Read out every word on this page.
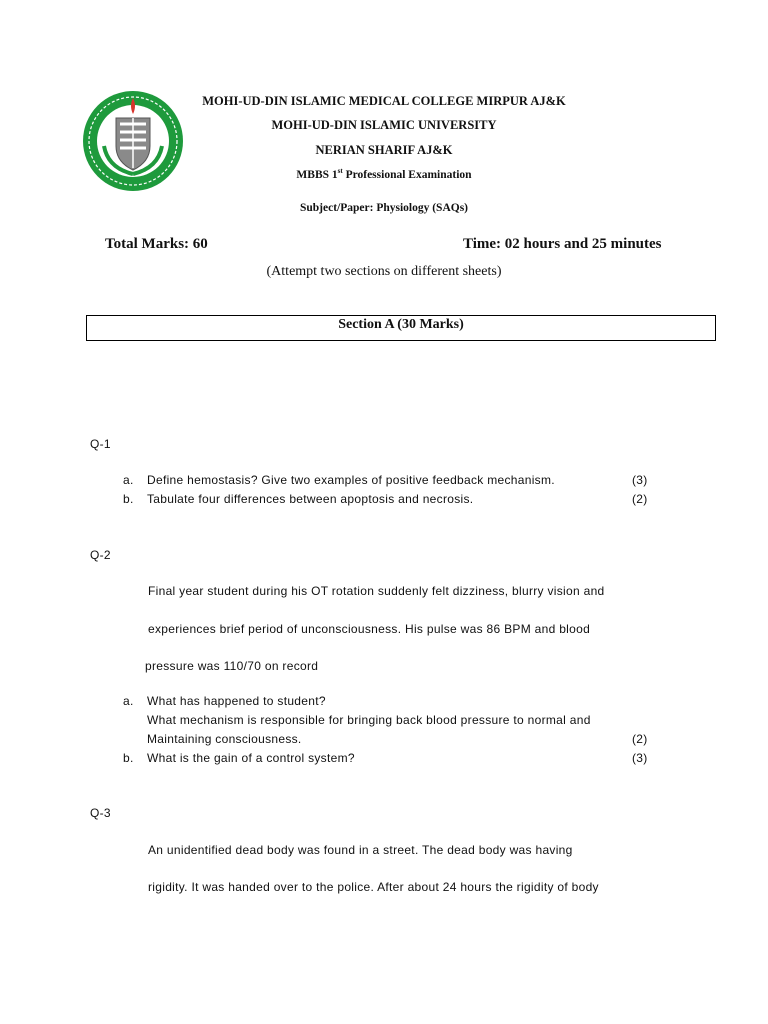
MOHI-UD-DIN ISLAMIC MEDICAL COLLEGE MIRPUR AJ&K
MOHI-UD-DIN ISLAMIC UNIVERSITY
NERIAN SHARIF AJ&K
MBBS 1st Professional Examination
Subject/Paper: Physiology (SAQs)
Total Marks: 60	Time: 02 hours and 25 minutes
(Attempt two sections on different sheets)
Section A (30 Marks)
Q-1
a. Define hemostasis? Give two examples of positive feedback mechanism.	(3)
b. Tabulate four differences between apoptosis and necrosis.	(2)
Q-2
Final year student during his OT rotation suddenly felt dizziness, blurry vision and
experiences brief period of unconsciousness. His pulse was 86 BPM and blood
pressure was 110/70 on record
a. What has happened to student?
What mechanism is responsible for bringing back blood pressure to normal and
Maintaining consciousness.	(2)
b. What is the gain of a control system?	(3)
Q-3
An unidentified dead body was found in a street. The dead body was having
rigidity. It was handed over to the police. After about 24 hours the rigidity of body
